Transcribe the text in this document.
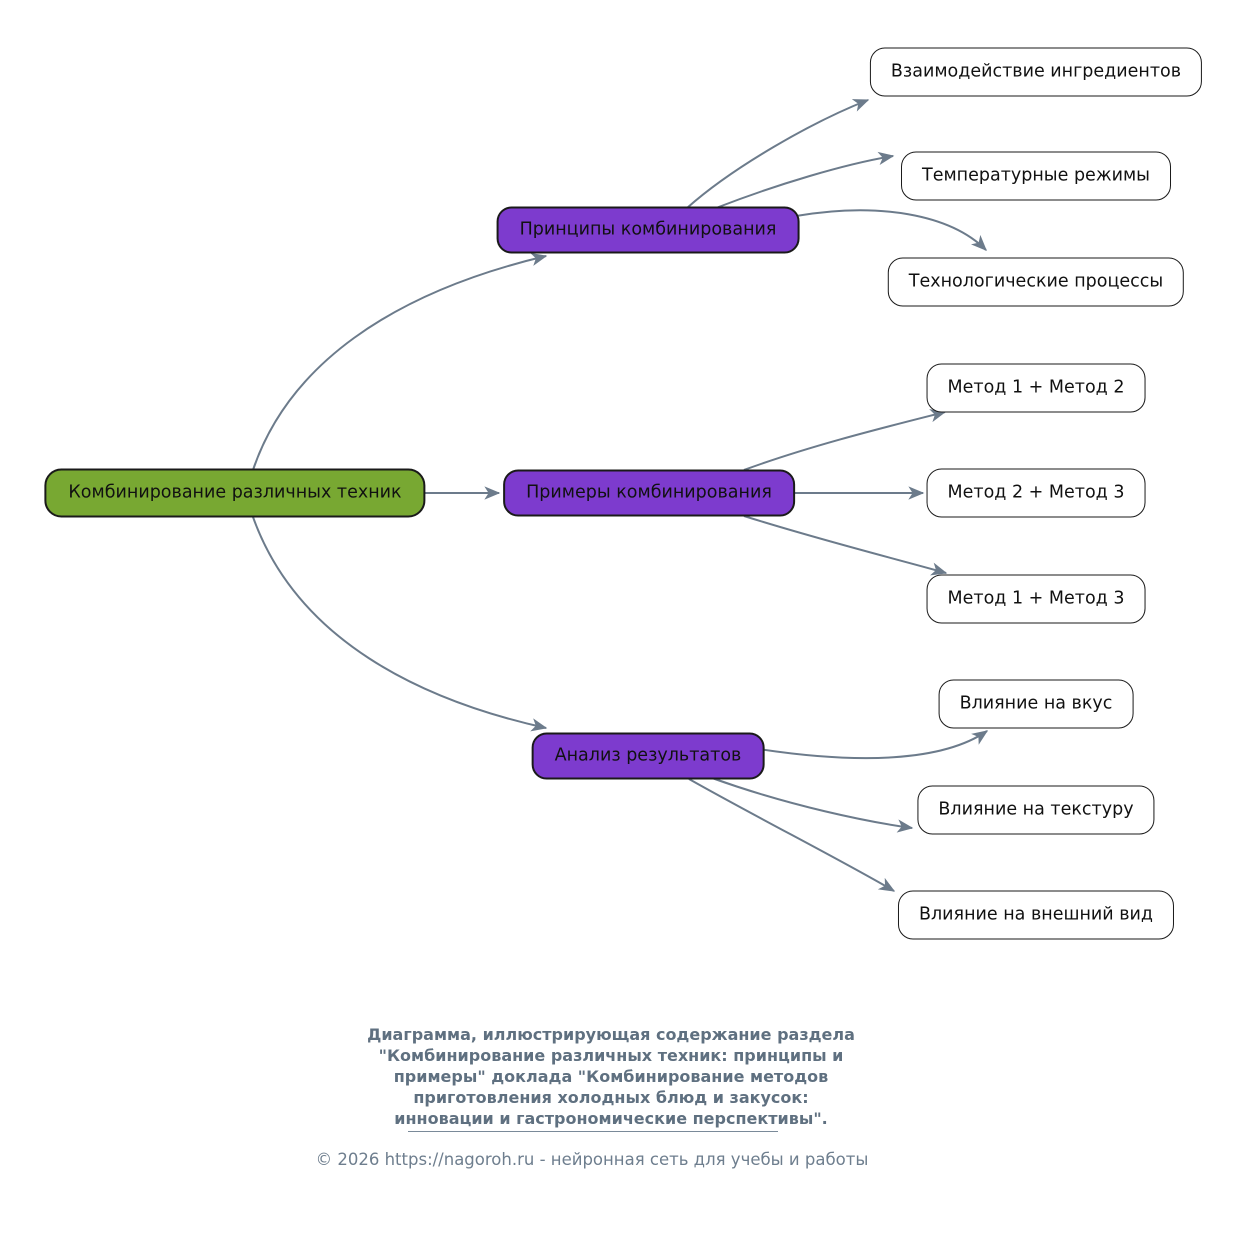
Комбинирование различных техник
Принципы комбинирования
Примеры комбинирования
Анализ результатов
Взаимодействие ингредиентов
Температурные режимы
Технологические процессы
Метод 1 + Метод 2
Метод 2 + Метод 3
Метод 1 + Метод 3
Влияние на вкус
Влияние на текстуру
Влияние на внешний вид
Диаграмма, иллюстрирующая содержание раздела
"Комбинирование различных техник: принципы и
примеры" доклада "Комбинирование методов
приготовления холодных блюд и закусок:
инновации и гастрономические перспективы".
© 2026 https://nagoroh.ru - нейронная сеть для учебы и работы
